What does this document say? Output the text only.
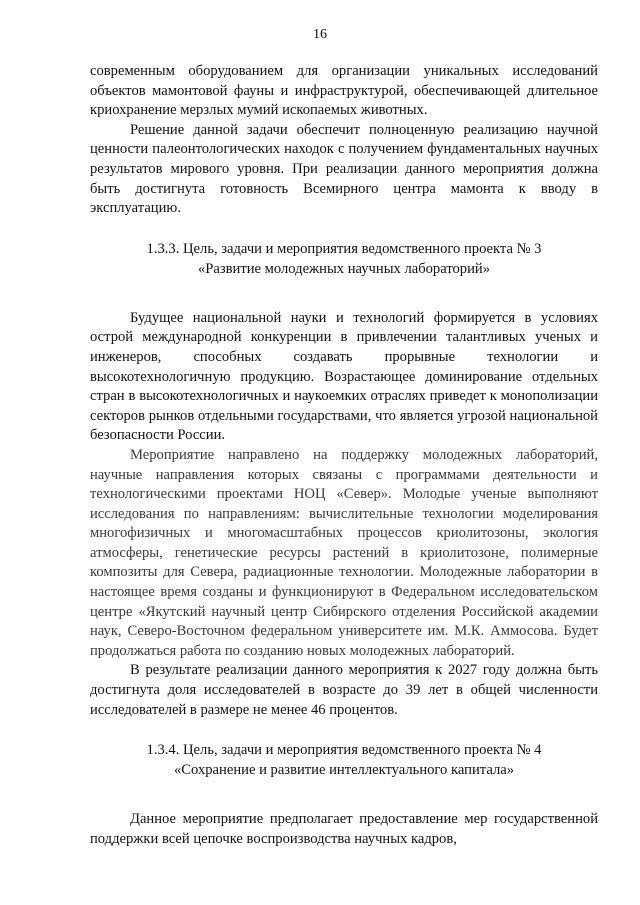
16

современным оборудованием для организации уникальных исследований объектов мамонтовой фауны и инфраструктурой, обеспечивающей длительное криохранение мерзлых мумий ископаемых животных.

Решение данной задачи обеспечит полноценную реализацию научной ценности палеонтологических находок с получением фундаментальных научных результатов мирового уровня. При реализации данного мероприятия должна быть достигнута готовность Всемирного центра мамонта к вводу в эксплуатацию.

1.3.3. Цель, задачи и мероприятия ведомственного проекта № 3
«Развитие молодежных научных лабораторий»

Будущее национальной науки и технологий формируется в условиях острой международной конкуренции в привлечении талантливых ученых и инженеров, способных создавать прорывные технологии и высокотехнологичную продукцию. Возрастающее доминирование отдельных стран в высокотехнологичных и наукоемких отраслях приведет к монополизации секторов рынков отдельными государствами, что является угрозой национальной безопасности России.

Мероприятие направлено на поддержку молодежных лабораторий, научные направления которых связаны с программами деятельности и технологическими проектами НОЦ «Север». Молодые ученые выполняют исследования по направлениям: вычислительные технологии моделирования многофизичных и многомасштабных процессов криолитозоны, экология атмосферы, генетические ресурсы растений в криолитозоне, полимерные композиты для Севера, радиационные технологии. Молодежные лаборатории в настоящее время созданы и функционируют в Федеральном исследовательском центре «Якутский научный центр Сибирского отделения Российской академии наук, Северо-Восточном федеральном университете им. М.К. Аммосова. Будет продолжаться работа по созданию новых молодежных лабораторий.

В результате реализации данного мероприятия к 2027 году должна быть достигнута доля исследователей в возрасте до 39 лет в общей численности исследователей в размере не менее 46 процентов.

1.3.4. Цель, задачи и мероприятия ведомственного проекта № 4
«Сохранение и развитие интеллектуального капитала»

Данное мероприятие предполагает предоставление мер государственной поддержки всей цепочке воспроизводства научных кадров,
